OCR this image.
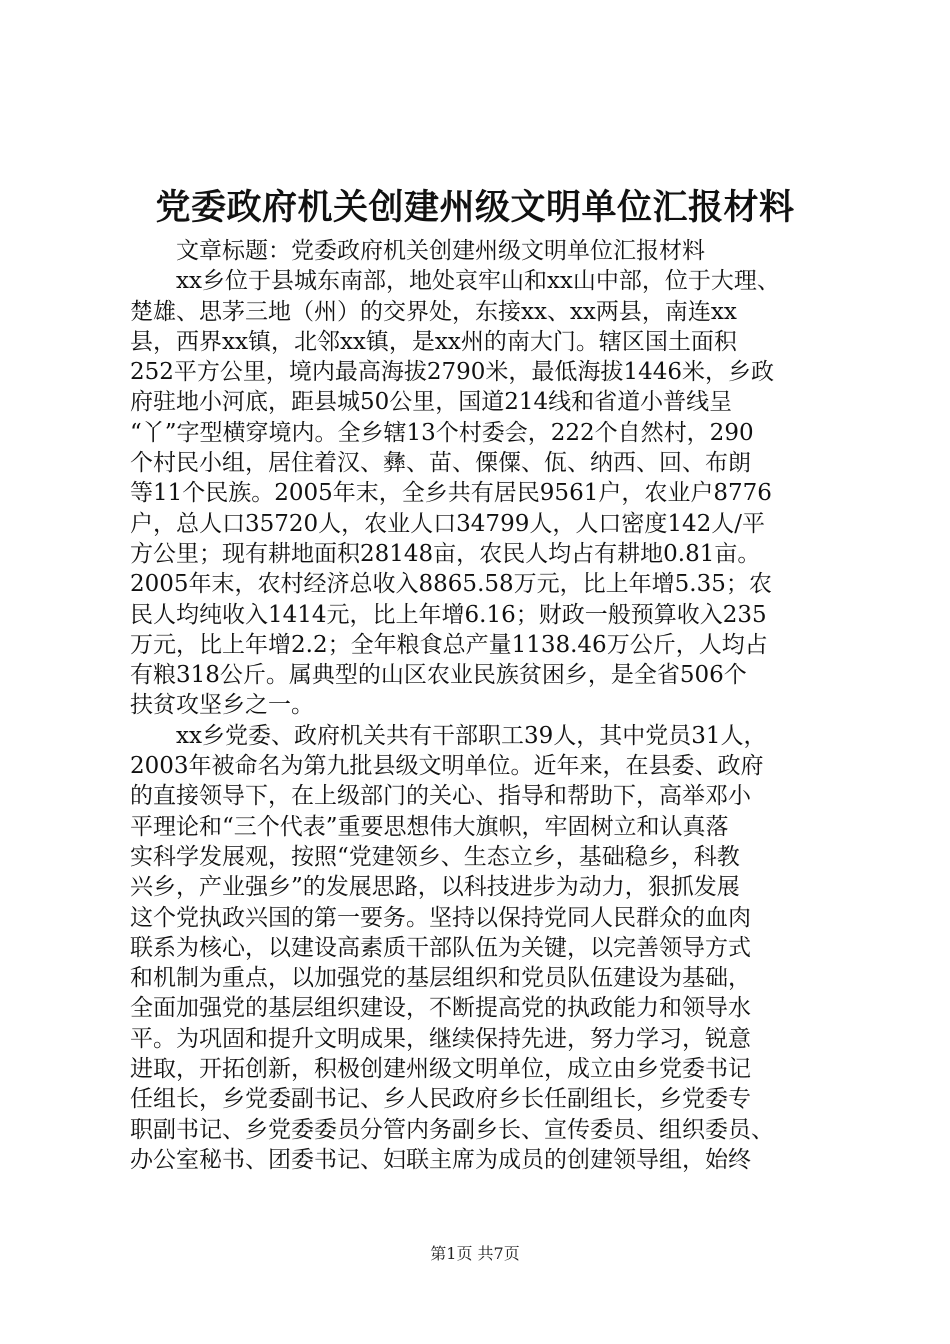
党委政府机关创建州级文明单位汇报材料
　　文章标题：党委政府机关创建州级文明单位汇报材料
　　xx乡位于县城东南部，地处哀牢山和xx山中部，位于大理、
楚雄、思茅三地（州）的交界处，东接xx、xx两县，南连xx
县，西界xx镇，北邻xx镇，是xx州的南大门。辖区国土面积
252平方公里，境内最高海拔2790米，最低海拔1446米，乡政
府驻地小河底，距县城50公里，国道214线和省道小普线呈
“丫”字型横穿境内。全乡辖13个村委会，222个自然村，290
个村民小组，居住着汉、彝、苗、傈僳、佤、纳西、回、布朗
等11个民族。2005年末，全乡共有居民9561户，农业户8776
户，总人口35720人，农业人口34799人，人口密度142人/平
方公里；现有耕地面积28148亩，农民人均占有耕地0.81亩。
2005年末，农村经济总收入8865.58万元，比上年增5.35；农
民人均纯收入1414元，比上年增6.16；财政一般预算收入235
万元，比上年增2.2；全年粮食总产量1138.46万公斤，人均占
有粮318公斤。属典型的山区农业民族贫困乡，是全省506个
扶贫攻坚乡之一。
　　xx乡党委、政府机关共有干部职工39人，其中党员31人，
2003年被命名为第九批县级文明单位。近年来，在县委、政府
的直接领导下，在上级部门的关心、指导和帮助下，高举邓小
平理论和“三个代表”重要思想伟大旗帜，牢固树立和认真落
实科学发展观，按照“党建领乡、生态立乡，基础稳乡，科教
兴乡，产业强乡”的发展思路，以科技进步为动力，狠抓发展
这个党执政兴国的第一要务。坚持以保持党同人民群众的血肉
联系为核心，以建设高素质干部队伍为关键，以完善领导方式
和机制为重点，以加强党的基层组织和党员队伍建设为基础，
全面加强党的基层组织建设，不断提高党的执政能力和领导水
平。为巩固和提升文明成果，继续保持先进，努力学习，锐意
进取，开拓创新，积极创建州级文明单位，成立由乡党委书记
任组长，乡党委副书记、乡人民政府乡长任副组长，乡党委专
职副书记、乡党委委员分管内务副乡长、宣传委员、组织委员、
办公室秘书、团委书记、妇联主席为成员的创建领导组，始终
第1页 共7页
